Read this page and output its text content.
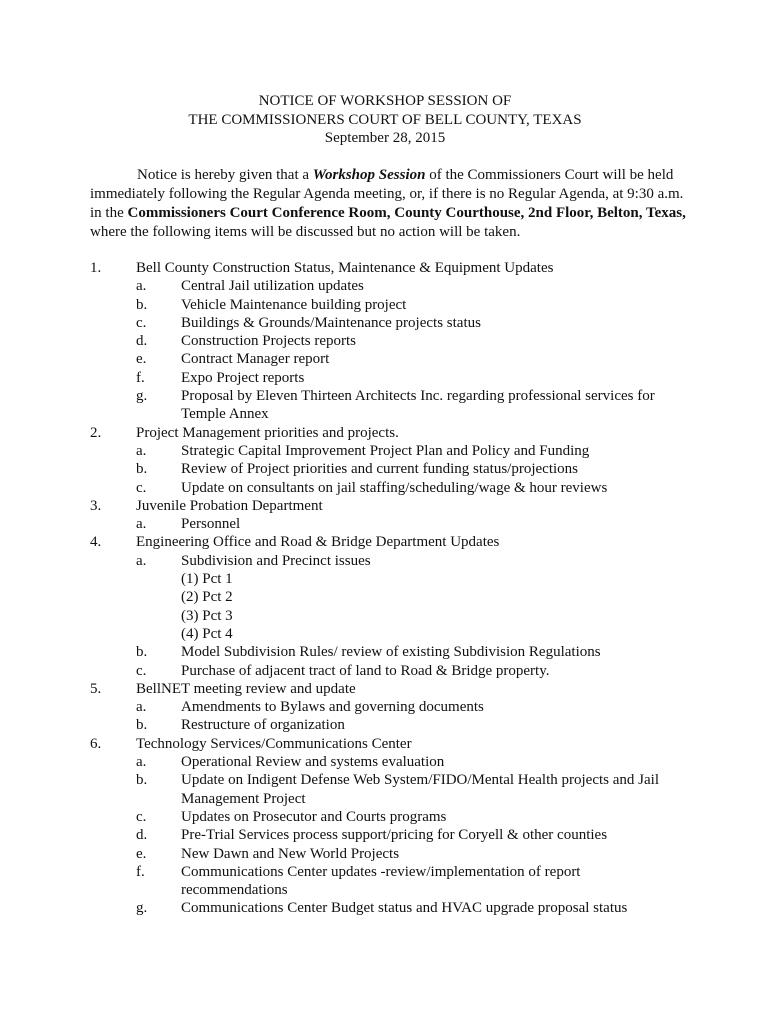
NOTICE OF WORKSHOP SESSION OF
THE COMMISSIONERS COURT OF BELL COUNTY, TEXAS
September 28, 2015
Notice is hereby given that a Workshop Session of the Commissioners Court will be held immediately following the Regular Agenda meeting, or, if there is no Regular Agenda, at 9:30 a.m. in the Commissioners Court Conference Room, County Courthouse, 2nd Floor, Belton, Texas, where the following items will be discussed but no action will be taken.
1. Bell County Construction Status, Maintenance & Equipment Updates
a. Central Jail utilization updates
b. Vehicle Maintenance building project
c. Buildings & Grounds/Maintenance projects status
d. Construction Projects reports
e. Contract Manager report
f. Expo Project reports
g. Proposal by Eleven Thirteen Architects Inc. regarding professional services for
Temple Annex
2. Project Management priorities and projects.
a. Strategic Capital Improvement Project Plan and Policy and Funding
b. Review of Project priorities and current funding status/projections
c. Update on consultants on jail staffing/scheduling/wage & hour reviews
3. Juvenile Probation Department
a. Personnel
4. Engineering Office and Road & Bridge Department Updates
a. Subdivision and Precinct issues
(1) Pct 1
(2) Pct 2
(3) Pct 3
(4) Pct 4
b. Model Subdivision Rules/ review of existing Subdivision Regulations
c. Purchase of adjacent tract of land to Road & Bridge property.
5. BellNET meeting review and update
a. Amendments to Bylaws and governing documents
b. Restructure of organization
6. Technology Services/Communications Center
a. Operational Review and systems evaluation
b. Update on Indigent Defense Web System/FIDO/Mental Health projects and Jail
Management Project
c. Updates on Prosecutor and Courts programs
d. Pre-Trial Services process support/pricing for Coryell & other counties
e. New Dawn and New World Projects
f. Communications Center updates -review/implementation of report
recommendations
g. Communications Center Budget status and HVAC upgrade proposal status
